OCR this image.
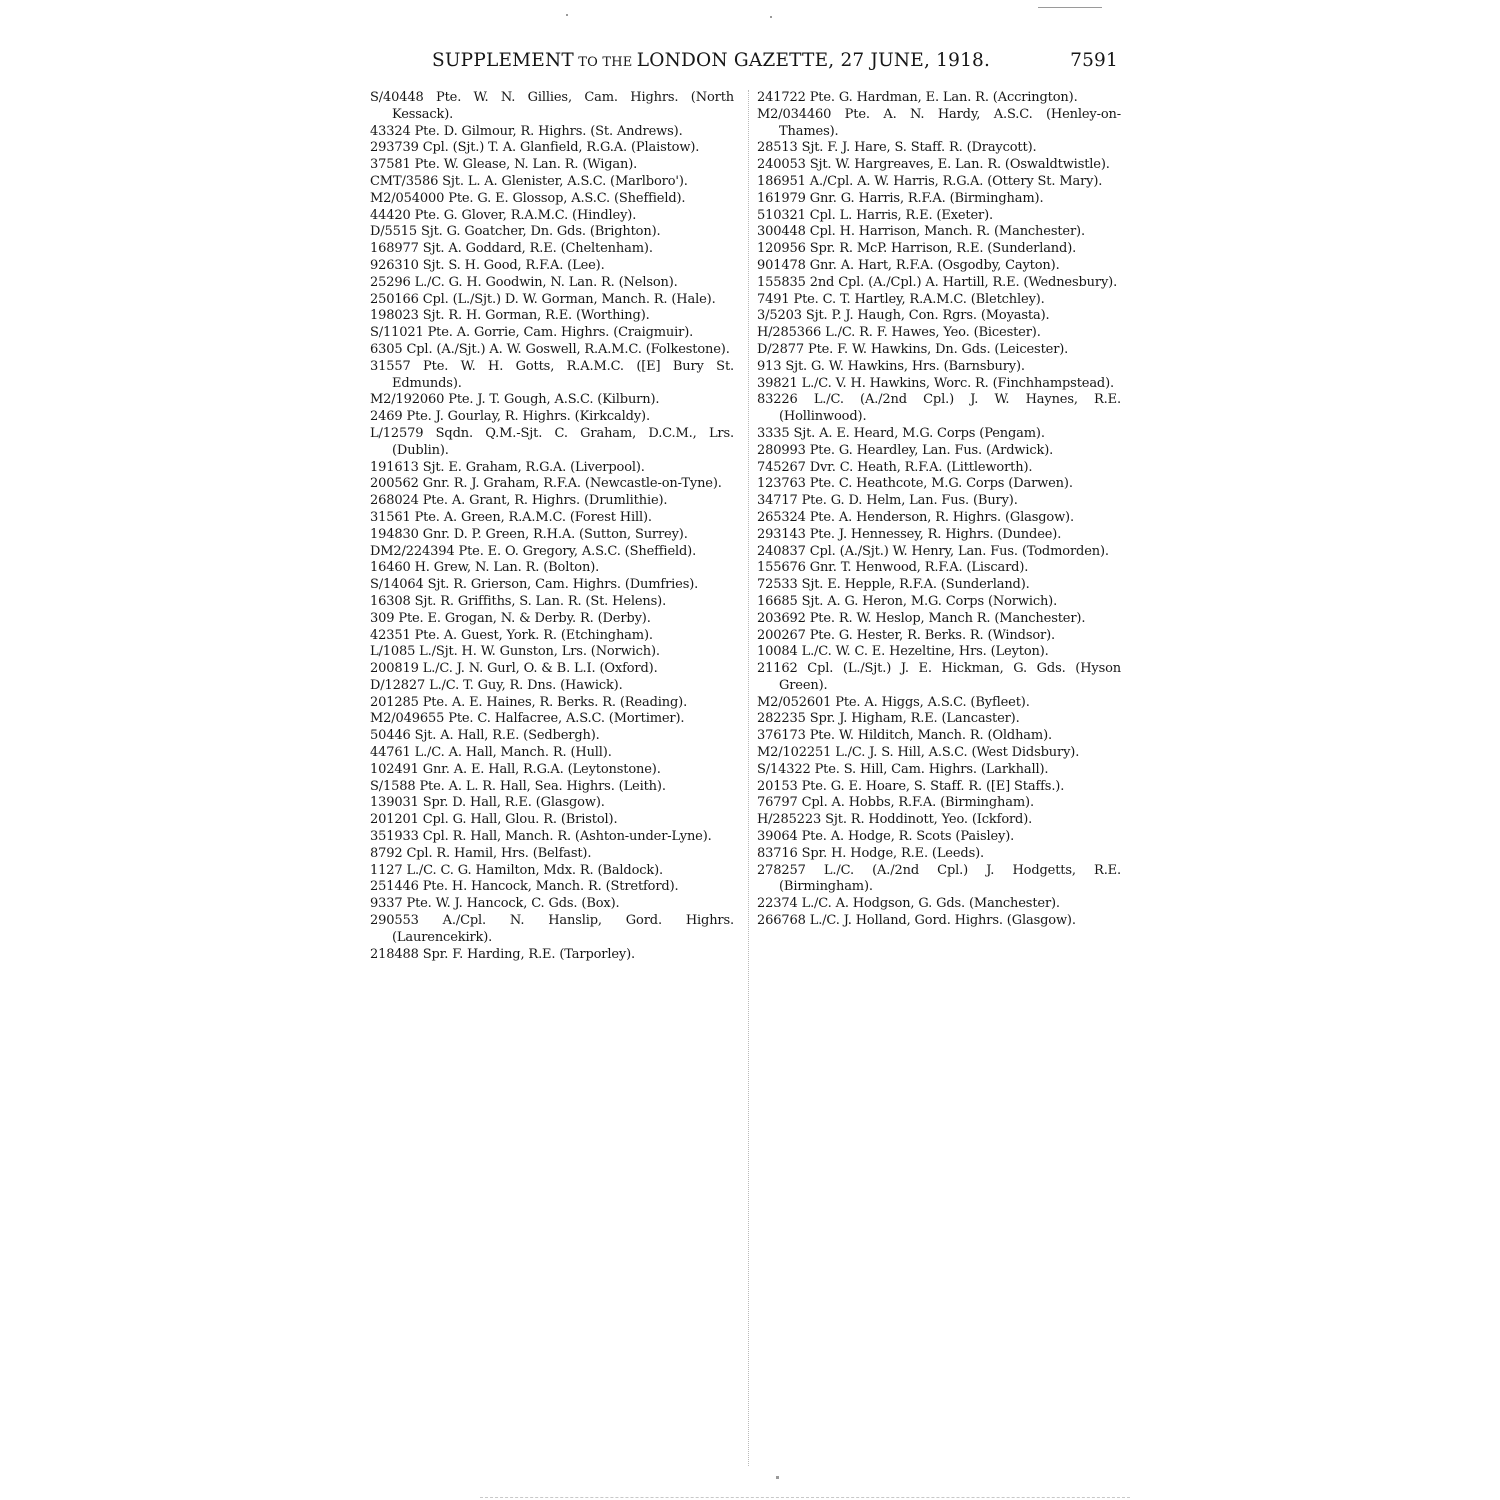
SUPPLEMENT TO THE LONDON GAZETTE, 27 JUNE, 1918.	7591

S/40448 Pte. W. N. Gillies, Cam. Highrs. (North Kessack).

43324 Pte. D. Gilmour, R. Highrs. (St. Andrews).

293739 Cpl. (Sjt.) T. A. Glanfield, R.G.A. (Plaistow).

37581 Pte. W. Glease, N. Lan. R. (Wigan).

CMT/3586 Sjt. L. A. Glenister, A.S.C. (Marlboro').

M2/054000 Pte. G. E. Glossop, A.S.C. (Sheffield).

44420 Pte. G. Glover, R.A.M.C. (Hindley).

D/5515 Sjt. G. Goatcher, Dn. Gds. (Brighton).

168977 Sjt. A. Goddard, R.E. (Cheltenham).

926310 Sjt. S. H. Good, R.F.A. (Lee).

25296 L./C. G. H. Goodwin, N. Lan. R. (Nelson).

250166 Cpl. (L./Sjt.) D. W. Gorman, Manch. R. (Hale).

198023 Sjt. R. H. Gorman, R.E. (Worthing).

S/11021 Pte. A. Gorrie, Cam. Highrs. (Craigmuir).

6305 Cpl. (A./Sjt.) A. W. Goswell, R.A.M.C. (Folkestone).

31557 Pte. W. H. Gotts, R.A.M.C. ([E] Bury St. Edmunds).

M2/192060 Pte. J. T. Gough, A.S.C. (Kilburn).

2469 Pte. J. Gourlay, R. Highrs. (Kirkcaldy).

L/12579 Sqdn. Q.M.-Sjt. C. Graham, D.C.M., Lrs. (Dublin).

191613 Sjt. E. Graham, R.G.A. (Liverpool).

200562 Gnr. R. J. Graham, R.F.A. (Newcastle-on-Tyne).

268024 Pte. A. Grant, R. Highrs. (Drumlithie).

31561 Pte. A. Green, R.A.M.C. (Forest Hill).

194830 Gnr. D. P. Green, R.H.A. (Sutton, Surrey).

DM2/224394 Pte. E. O. Gregory, A.S.C. (Sheffield).

16460 H. Grew, N. Lan. R. (Bolton).

S/14064 Sjt. R. Grierson, Cam. Highrs. (Dumfries).

16308 Sjt. R. Griffiths, S. Lan. R. (St. Helens).

309 Pte. E. Grogan, N. & Derby. R. (Derby).

42351 Pte. A. Guest, York. R. (Etchingham).

L/1085 L./Sjt. H. W. Gunston, Lrs. (Norwich).

200819 L./C. J. N. Gurl, O. & B. L.I. (Oxford).

D/12827 L./C. T. Guy, R. Dns. (Hawick).

201285 Pte. A. E. Haines, R. Berks. R. (Reading).

M2/049655 Pte. C. Halfacree, A.S.C. (Mortimer).

50446 Sjt. A. Hall, R.E. (Sedbergh).

44761 L./C. A. Hall, Manch. R. (Hull).

102491 Gnr. A. E. Hall, R.G.A. (Leytonstone).

S/1588 Pte. A. L. R. Hall, Sea. Highrs. (Leith).

139031 Spr. D. Hall, R.E. (Glasgow).

201201 Cpl. G. Hall, Glou. R. (Bristol).

351933 Cpl. R. Hall, Manch. R. (Ashton-under-Lyne).

8792 Cpl. R. Hamil, Hrs. (Belfast).

1127 L./C. C. G. Hamilton, Mdx. R. (Baldock).

251446 Pte. H. Hancock, Manch. R. (Stretford).

9337 Pte. W. J. Hancock, C. Gds. (Box).

290553 A./Cpl. N. Hanslip, Gord. Highrs. (Laurencekirk).

218488 Spr. F. Harding, R.E. (Tarporley).

241722 Pte. G. Hardman, E. Lan. R. (Accrington).

M2/034460 Pte. A. N. Hardy, A.S.C. (Henley-on-Thames).

28513 Sjt. F. J. Hare, S. Staff. R. (Draycott).

240053 Sjt. W. Hargreaves, E. Lan. R. (Oswaldtwistle).

186951 A./Cpl. A. W. Harris, R.G.A. (Ottery St. Mary).

161979 Gnr. G. Harris, R.F.A. (Birmingham).

510321 Cpl. L. Harris, R.E. (Exeter).

300448 Cpl. H. Harrison, Manch. R. (Manchester).

120956 Spr. R. McP. Harrison, R.E. (Sunderland).

901478 Gnr. A. Hart, R.F.A. (Osgodby, Cayton).

155835 2nd Cpl. (A./Cpl.) A. Hartill, R.E. (Wednesbury).

7491 Pte. C. T. Hartley, R.A.M.C. (Bletchley).

3/5203 Sjt. P. J. Haugh, Con. Rgrs. (Moyasta).

H/285366 L./C. R. F. Hawes, Yeo. (Bicester).

D/2877 Pte. F. W. Hawkins, Dn. Gds. (Leicester).

913 Sjt. G. W. Hawkins, Hrs. (Barnsbury).

39821 L./C. V. H. Hawkins, Worc. R. (Finchhampstead).

83226 L./C. (A./2nd Cpl.) J. W. Haynes, R.E. (Hollinwood).

3335 Sjt. A. E. Heard, M.G. Corps (Pengam).

280993 Pte. G. Heardley, Lan. Fus. (Ardwick).

745267 Dvr. C. Heath, R.F.A. (Littleworth).

123763 Pte. C. Heathcote, M.G. Corps (Darwen).

34717 Pte. G. D. Helm, Lan. Fus. (Bury).

265324 Pte. A. Henderson, R. Highrs. (Glasgow).

293143 Pte. J. Hennessey, R. Highrs. (Dundee).

240837 Cpl. (A./Sjt.) W. Henry, Lan. Fus. (Todmorden).

155676 Gnr. T. Henwood, R.F.A. (Liscard).

72533 Sjt. E. Hepple, R.F.A. (Sunderland).

16685 Sjt. A. G. Heron, M.G. Corps (Norwich).

203692 Pte. R. W. Heslop, Manch R. (Manchester).

200267 Pte. G. Hester, R. Berks. R. (Windsor).

10084 L./C. W. C. E. Hezeltine, Hrs. (Leyton).

21162 Cpl. (L./Sjt.) J. E. Hickman, G. Gds. (Hyson Green).

M2/052601 Pte. A. Higgs, A.S.C. (Byfleet).

282235 Spr. J. Higham, R.E. (Lancaster).

376173 Pte. W. Hilditch, Manch. R. (Oldham).

M2/102251 L./C. J. S. Hill, A.S.C. (West Didsbury).

S/14322 Pte. S. Hill, Cam. Highrs. (Larkhall).

20153 Pte. G. E. Hoare, S. Staff. R. ([E] Staffs.).

76797 Cpl. A. Hobbs, R.F.A. (Birmingham).

H/285223 Sjt. R. Hoddinott, Yeo. (Ickford).

39064 Pte. A. Hodge, R. Scots (Paisley).

83716 Spr. H. Hodge, R.E. (Leeds).

278257 L./C. (A./2nd Cpl.) J. Hodgetts, R.E. (Birmingham).

22374 L./C. A. Hodgson, G. Gds. (Manchester).

266768 L./C. J. Holland, Gord. Highrs. (Glasgow).
